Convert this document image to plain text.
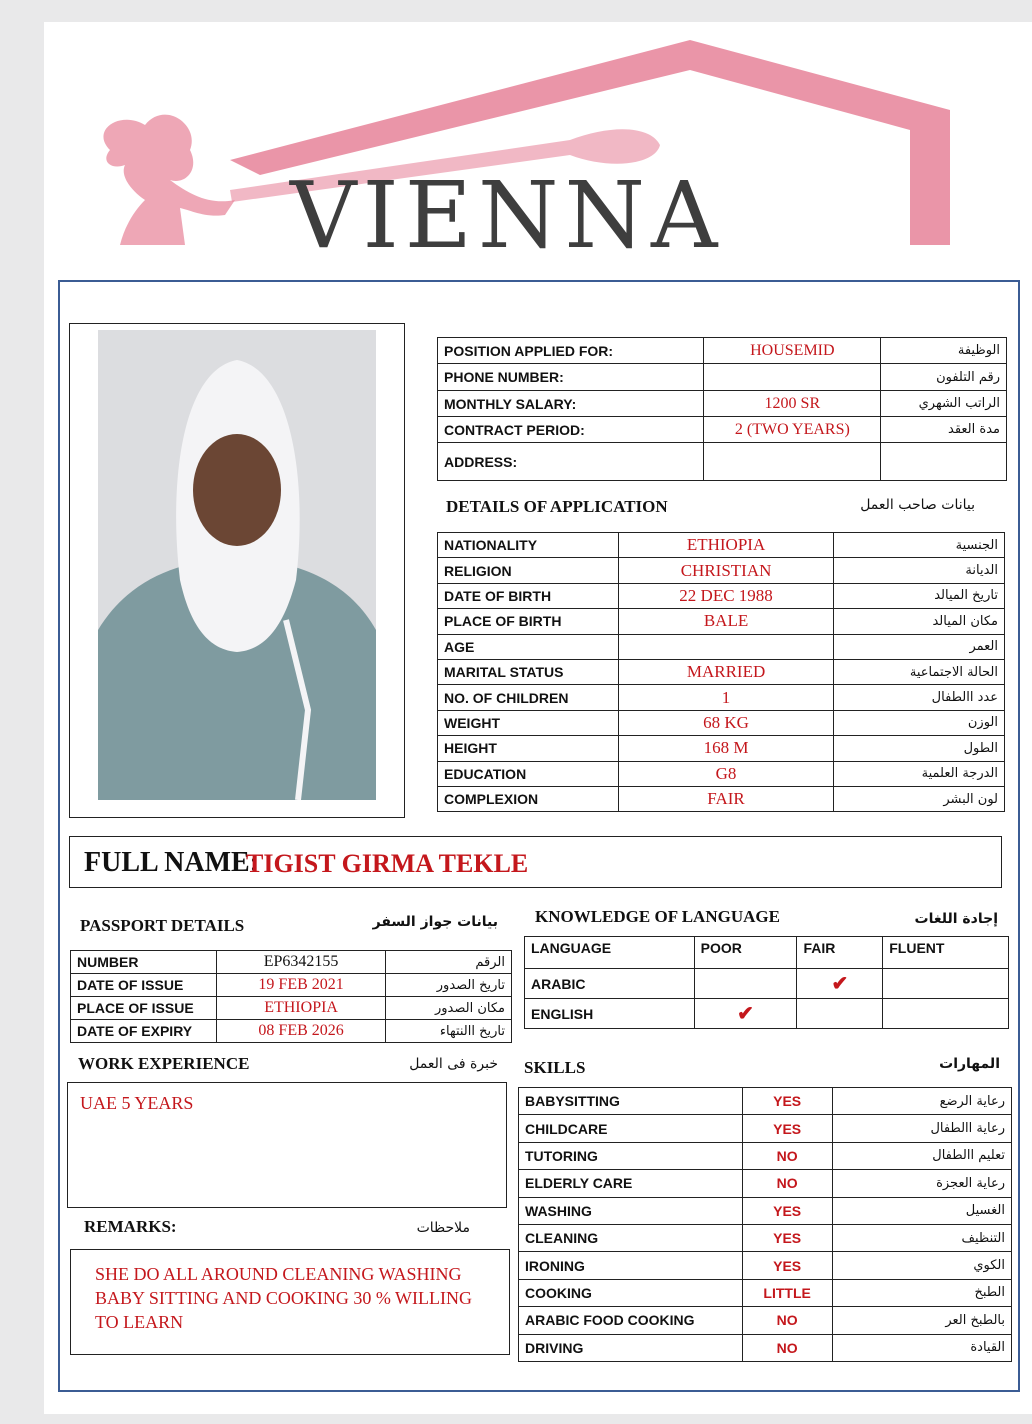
VIENNA
POSITION APPLIED FOR:	HOUSEMID	الوظيفة
PHONE NUMBER:		رقم التلفون
MONTHLY SALARY:	1200 SR	الراتب الشهري
CONTRACT PERIOD:	2 (TWO YEARS)	مدة العقد
ADDRESS:		
DETAILS OF APPLICATION	بيانات صاحب العمل
NATIONALITY	ETHIOPIA	الجنسية
RELIGION	CHRISTIAN	الديانة
DATE OF BIRTH	22 DEC 1988	تاريخ الميالد
PLACE OF BIRTH	BALE	مكان الميالد
AGE		العمر
MARITAL STATUS	MARRIED	الحالة الاجتماعية
NO. OF CHILDREN	1	عدد االطفال
WEIGHT	68 KG	الوزن
HEIGHT	168 M	الطول
EDUCATION	G8	الدرجة العلمية
COMPLEXION	FAIR	لون البشر
FULL NAME:
TIGIST GIRMA TEKLE
PASSPORT DETAILS	بيانات جواز السفر
NUMBER	EP6342155	الرقم
DATE OF ISSUE	19 FEB 2021	تاريخ الصدور
PLACE OF ISSUE	ETHIOPIA	مكان الصدور
DATE OF EXPIRY	08 FEB 2026	تاريخ االنتهاء
KNOWLEDGE OF LANGUAGE	إجادة اللغات
LANGUAGE	POOR	FAIR	FLUENT
ARABIC		✔	
ENGLISH	✔		
WORK EXPERIENCE	خبرة فى العمل
UAE 5 YEARS
REMARKS:	ملاحظات
SHE DO ALL AROUND CLEANING WASHING
BABY SITTING AND COOKING 30 % WILLING
TO LEARN
SKILLS	المهارات
BABYSITTING	YES	رعاية الرضع
CHILDCARE	YES	رعاية االطفال
TUTORING	NO	تعليم االطفال
ELDERLY CARE	NO	رعاية العجزة
WASHING	YES	الغسيل
CLEANING	YES	التنظيف
IRONING	YES	الكوي
COOKING	LITTLE	الطبخ
ARABIC FOOD COOKING	NO	بالطبخ العر
DRIVING	NO	القيادة
